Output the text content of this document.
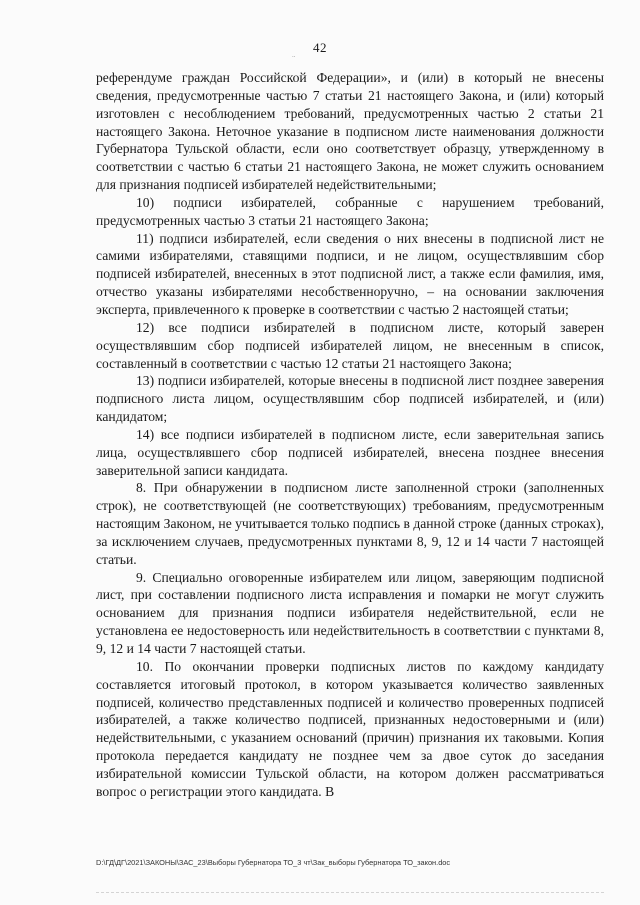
42
..

референдуме граждан Российской Федерации», и (или) в который не внесены сведения, предусмотренные частью 7 статьи 21 настоящего Закона, и (или) который изготовлен с несоблюдением требований, предусмотренных частью 2 статьи 21 настоящего Закона. Неточное указание в подписном листе наименования должности Губернатора Тульской области, если оно соответствует образцу, утвержденному в соответствии с частью 6 статьи 21 настоящего Закона, не может служить основанием для признания подписей избирателей недействительными;

10) подписи избирателей, собранные с нарушением требований, предусмотренных частью 3 статьи 21 настоящего Закона;

11) подписи избирателей, если сведения о них внесены в подписной лист не самими избирателями, ставящими подписи, и не лицом, осуществлявшим сбор подписей избирателей, внесенных в этот подписной лист, а также если фамилия, имя, отчество указаны избирателями несобственноручно, – на основании заключения эксперта, привлеченного к проверке в соответствии с частью 2 настоящей статьи;

12) все подписи избирателей в подписном листе, который заверен осуществлявшим сбор подписей избирателей лицом, не внесенным в список, составленный в соответствии с частью 12 статьи 21 настоящего Закона;

13) подписи избирателей, которые внесены в подписной лист позднее заверения подписного листа лицом, осуществлявшим сбор подписей избирателей, и (или) кандидатом;

14) все подписи избирателей в подписном листе, если заверительная запись лица, осуществлявшего сбор подписей избирателей, внесена позднее внесения заверительной записи кандидата.

8. При обнаружении в подписном листе заполненной строки (заполненных строк), не соответствующей (не соответствующих) требованиям, предусмотренным настоящим Законом, не учитывается только подпись в данной строке (данных строках), за исключением случаев, предусмотренных пунктами 8, 9, 12 и 14 части 7 настоящей статьи.

9. Специально оговоренные избирателем или лицом, заверяющим подписной лист, при составлении подписного листа исправления и помарки не могут служить основанием для признания подписи избирателя недействительной, если не установлена ее недостоверность или недействительность в соответствии с пунктами 8, 9, 12 и 14 части 7 настоящей статьи.

10. По окончании проверки подписных листов по каждому кандидату составляется итоговый протокол, в котором указывается количество заявленных подписей, количество представленных подписей и количество проверенных подписей избирателей, а также количество подписей, признанных недостоверными и (или) недействительными, с указанием оснований (причин) признания их таковыми. Копия протокола передается кандидату не позднее чем за двое суток до заседания избирательной комиссии Тульской области, на котором должен рассматриваться вопрос о регистрации этого кандидата. В

D:\ГД\ДГ\2021\ЗАКОНЫ\ЗАС_23\Выборы Губернатора ТО_3 чт\Зак_выборы Губернатора ТО_закон.doc
